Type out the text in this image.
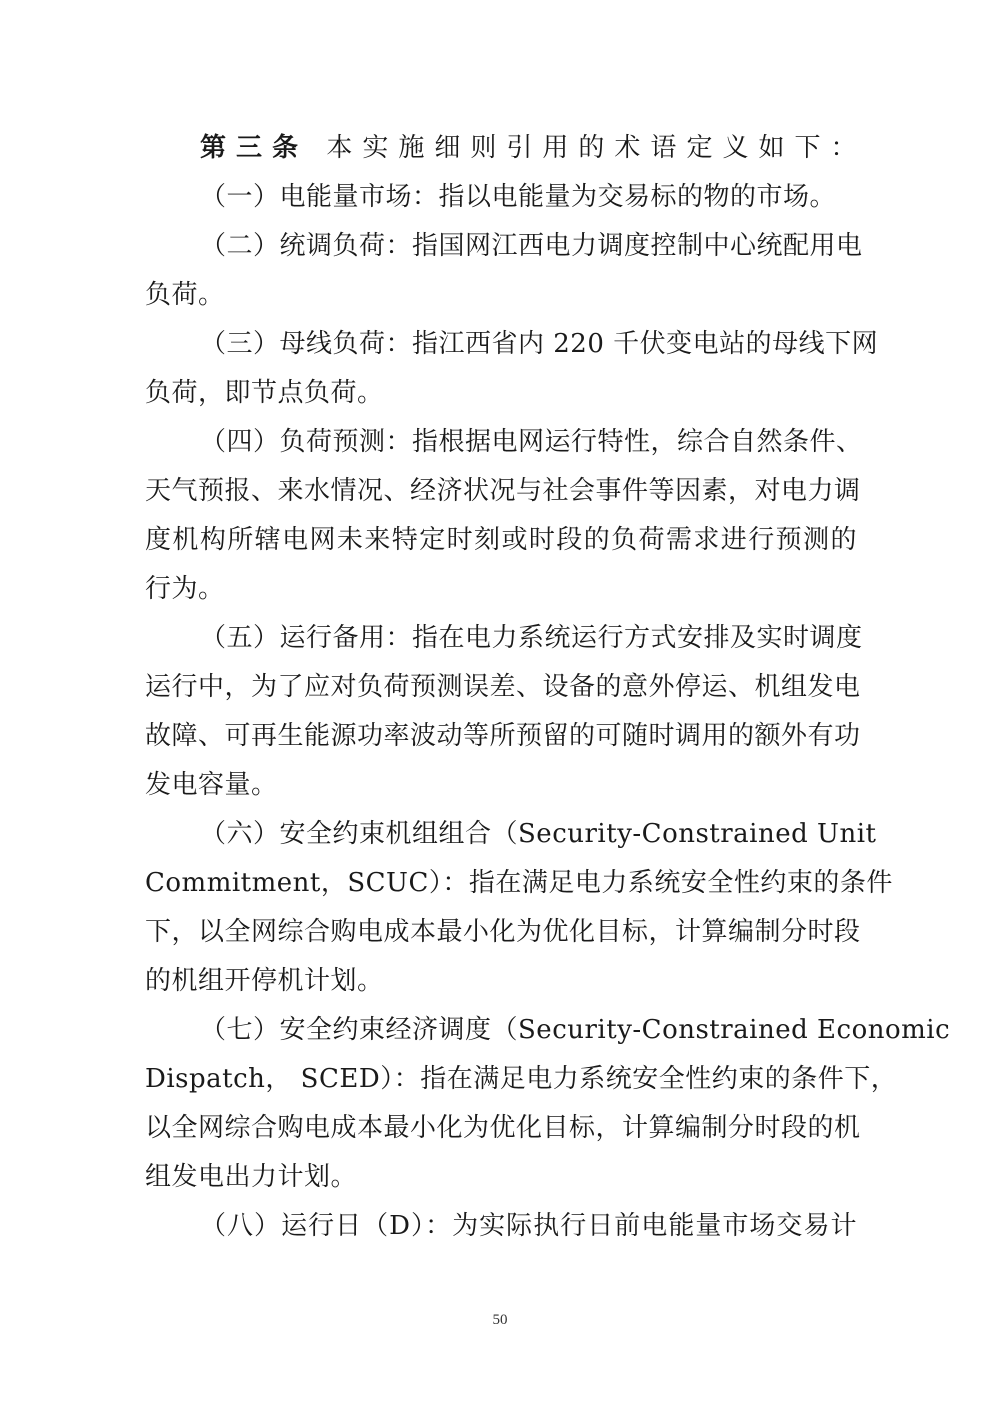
第三条 本实施细则引用的术语定义如下：
（一）电能量市场：指以电能量为交易标的物的市场。
（二）统调负荷：指国网江西电力调度控制中心统配用电
负荷。
（三）母线负荷：指江西省内 220 千伏变电站的母线下网
负荷，即节点负荷。
（四）负荷预测：指根据电网运行特性，综合自然条件、
天气预报、来水情况、经济状况与社会事件等因素，对电力调
度机构所辖电网未来特定时刻或时段的负荷需求进行预测的
行为。
（五）运行备用：指在电力系统运行方式安排及实时调度
运行中，为了应对负荷预测误差、设备的意外停运、机组发电
故障、可再生能源功率波动等所预留的可随时调用的额外有功
发电容量。
（六）安全约束机组组合（Security-Constrained Unit
Commitment，SCUC）：指在满足电力系统安全性约束的条件
下，以全网综合购电成本最小化为优化目标，计算编制分时段
的机组开停机计划。
（七）安全约束经济调度（Security-Constrained Economic
Dispatch， SCED）：指在满足电力系统安全性约束的条件下，
以全网综合购电成本最小化为优化目标，计算编制分时段的机
组发电出力计划。
（八）运行日（D）：为实际执行日前电能量市场交易计
50
